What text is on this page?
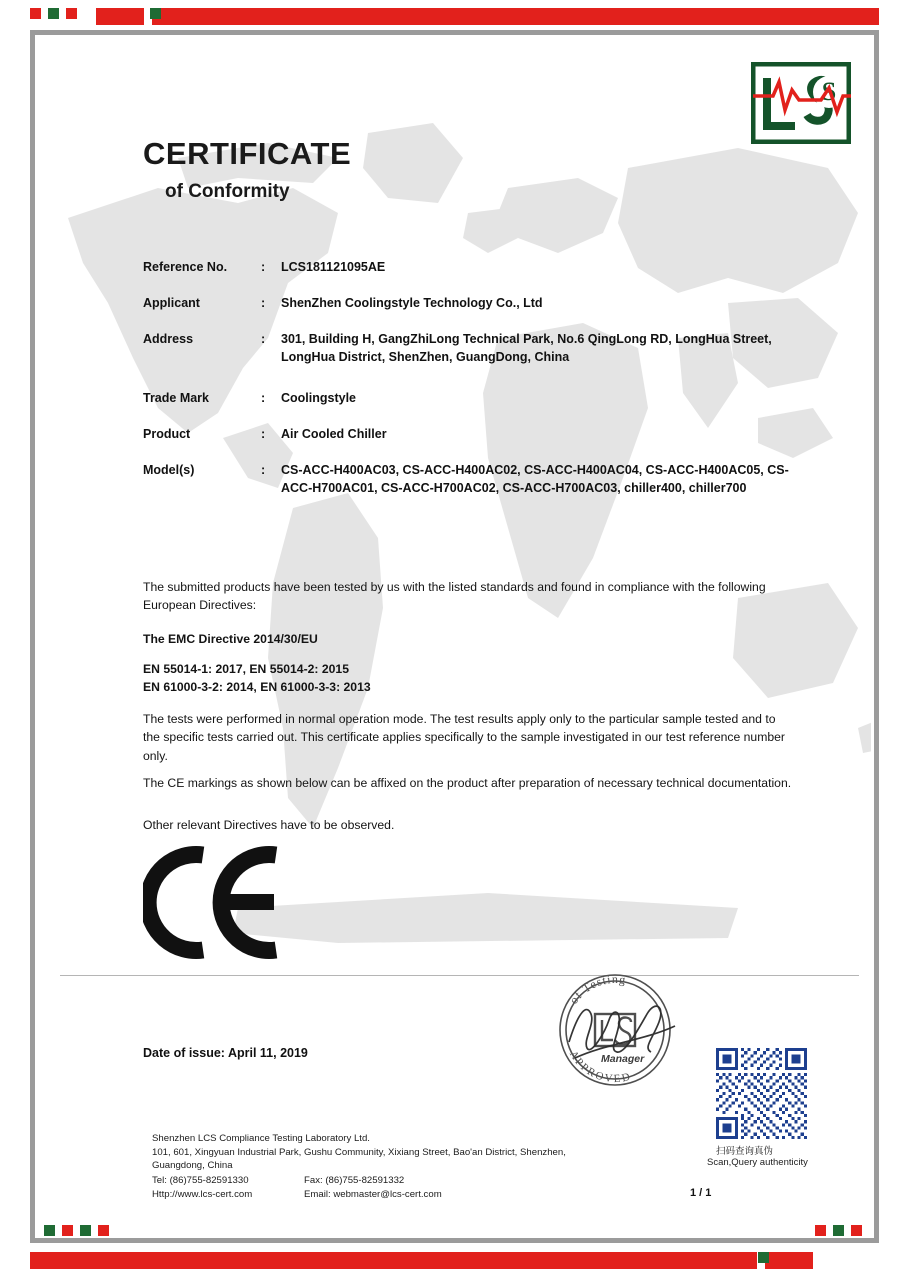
S
CERTIFICATE
of Conformity
Reference No.	:	LCS181121095AE
Applicant	:	ShenZhen Coolingstyle Technology Co., Ltd
Address	:	301, Building H, GangZhiLong Technical Park, No.6 QingLong RD, LongHua Street, LongHua District, ShenZhen, GuangDong, China
Trade Mark	:	Coolingstyle
Product	:	Air Cooled Chiller
Model(s)	:	CS-ACC-H400AC03, CS-ACC-H400AC02, CS-ACC-H400AC04, CS-ACC-H400AC05, CS-ACC-H700AC01, CS-ACC-H700AC02, CS-ACC-H700AC03, chiller400, chiller700
The submitted products have been tested by us with the listed standards and found in compliance with the following European Directives:
The EMC Directive 2014/30/EU
EN 55014-1: 2017, EN 55014-2: 2015
EN 61000-3-2: 2014, EN 61000-3-3: 2013
The tests were performed in normal operation mode. The test results apply only to the particular sample tested and to the specific tests carried out. This certificate applies specifically to the sample investigated in our test reference number only.
The CE markings as shown below can be affixed on the product after preparation of necessary technical documentation.
Other relevant Directives have to be observed.
Date of issue: April 11, 2019
of Testing
APPROVED
Manager
扫码查询真伪
Scan,Query authenticity
Shenzhen LCS Compliance Testing Laboratory Ltd.
101, 601, Xingyuan Industrial Park, Gushu Community, Xixiang Street, Bao'an District, Shenzhen,
Guangdong, China
Tel: (86)755-82591330	Fax: (86)755-82591332
Http://www.lcs-cert.com	Email: webmaster@lcs-cert.com	1 / 1
